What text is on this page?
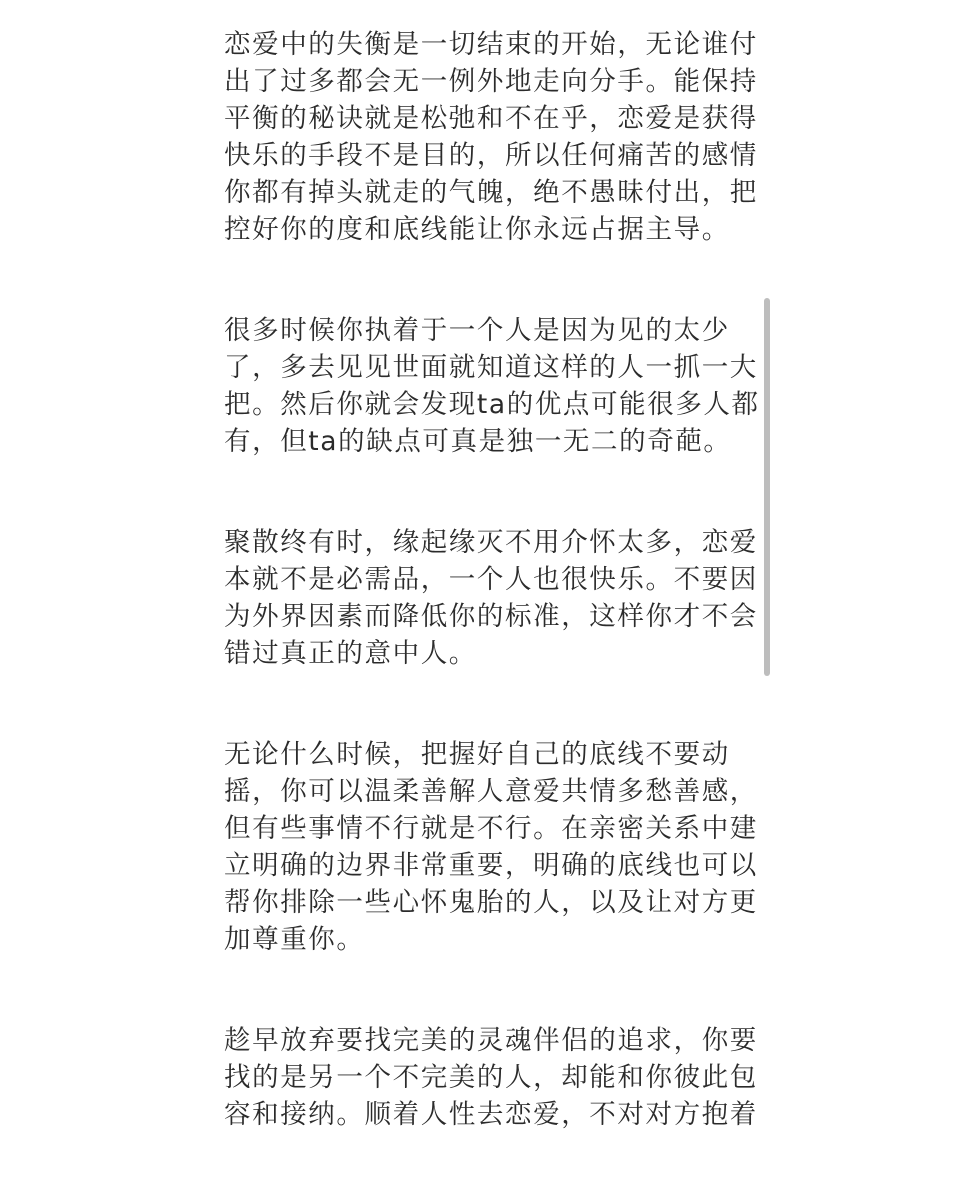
恋爱中的失衡是一切结束的开始，无论谁付
出了过多都会无一例外地走向分手。能保持
平衡的秘诀就是松弛和不在乎，恋爱是获得
快乐的手段不是目的，所以任何痛苦的感情
你都有掉头就走的气魄，绝不愚昧付出，把
控好你的度和底线能让你永远占据主导。
很多时候你执着于一个人是因为见的太少
了，多去见见世面就知道这样的人一抓一大
把。然后你就会发现ta的优点可能很多人都
有，但ta的缺点可真是独一无二的奇葩。
聚散终有时，缘起缘灭不用介怀太多，恋爱
本就不是必需品，一个人也很快乐。不要因
为外界因素而降低你的标准，这样你才不会
错过真正的意中人。
无论什么时候，把握好自己的底线不要动
摇，你可以温柔善解人意爱共情多愁善感，
但有些事情不行就是不行。在亲密关系中建
立明确的边界非常重要，明确的底线也可以
帮你排除一些心怀鬼胎的人，以及让对方更
加尊重你。
趁早放弃要找完美的灵魂伴侣的追求，你要
找的是另一个不完美的人，却能和你彼此包
容和接纳。顺着人性去恋爱，不对对方抱着
